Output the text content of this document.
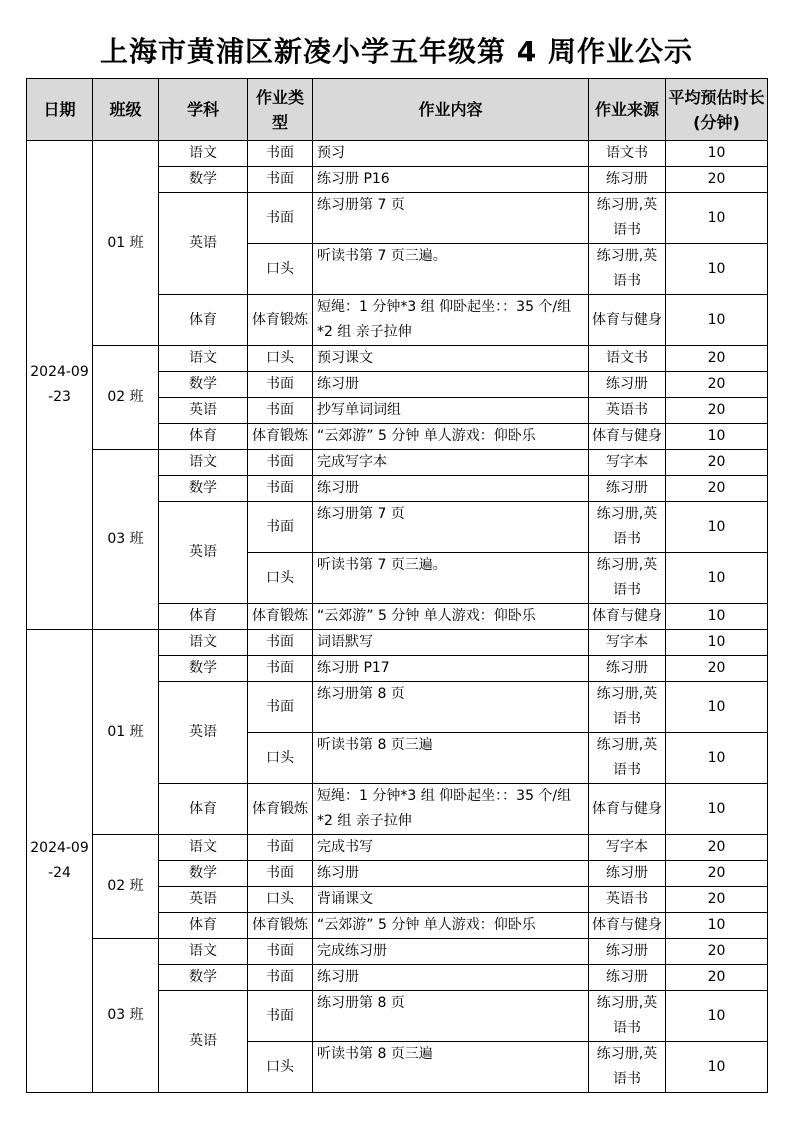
上海市黄浦区新凌小学五年级第 4 周作业公示
日期	班级	学科	作业类型	作业内容	作业来源	平均预估时长(分钟)
2024-09-23	01 班	语文	书面	预习	语文书	10
		数学	书面	练习册 P16	练习册	20
		英语	书面	练习册第 7 页	练习册,英语书	10
			口头	听读书第 7 页三遍。	练习册,英语书	10
		体育	体育锻炼	短绳：1 分钟*3 组 仰卧起坐：：35 个/组*2 组 亲子拉伸	体育与健身	10
	02 班	语文	口头	预习课文	语文书	20
		数学	书面	练习册	练习册	20
		英语	书面	抄写单词词组	英语书	20
		体育	体育锻炼	“云郊游” 5 分钟 单人游戏：仰卧乐	体育与健身	10
	03 班	语文	书面	完成写字本	写字本	20
		数学	书面	练习册	练习册	20
		英语	书面	练习册第 7 页	练习册,英语书	10
			口头	听读书第 7 页三遍。	练习册,英语书	10
		体育	体育锻炼	“云郊游” 5 分钟 单人游戏：仰卧乐	体育与健身	10
2024-09-24	01 班	语文	书面	词语默写	写字本	10
		数学	书面	练习册 P17	练习册	20
		英语	书面	练习册第 8 页	练习册,英语书	10
			口头	听读书第 8 页三遍	练习册,英语书	10
		体育	体育锻炼	短绳：1 分钟*3 组 仰卧起坐：：35 个/组*2 组 亲子拉伸	体育与健身	10
	02 班	语文	书面	完成书写	写字本	20
		数学	书面	练习册	练习册	20
		英语	口头	背诵课文	英语书	20
		体育	体育锻炼	“云郊游” 5 分钟 单人游戏：仰卧乐	体育与健身	10
	03 班	语文	书面	完成练习册	练习册	20
		数学	书面	练习册	练习册	20
		英语	书面	练习册第 8 页	练习册,英语书	10
			口头	听读书第 8 页三遍	练习册,英语书	10
